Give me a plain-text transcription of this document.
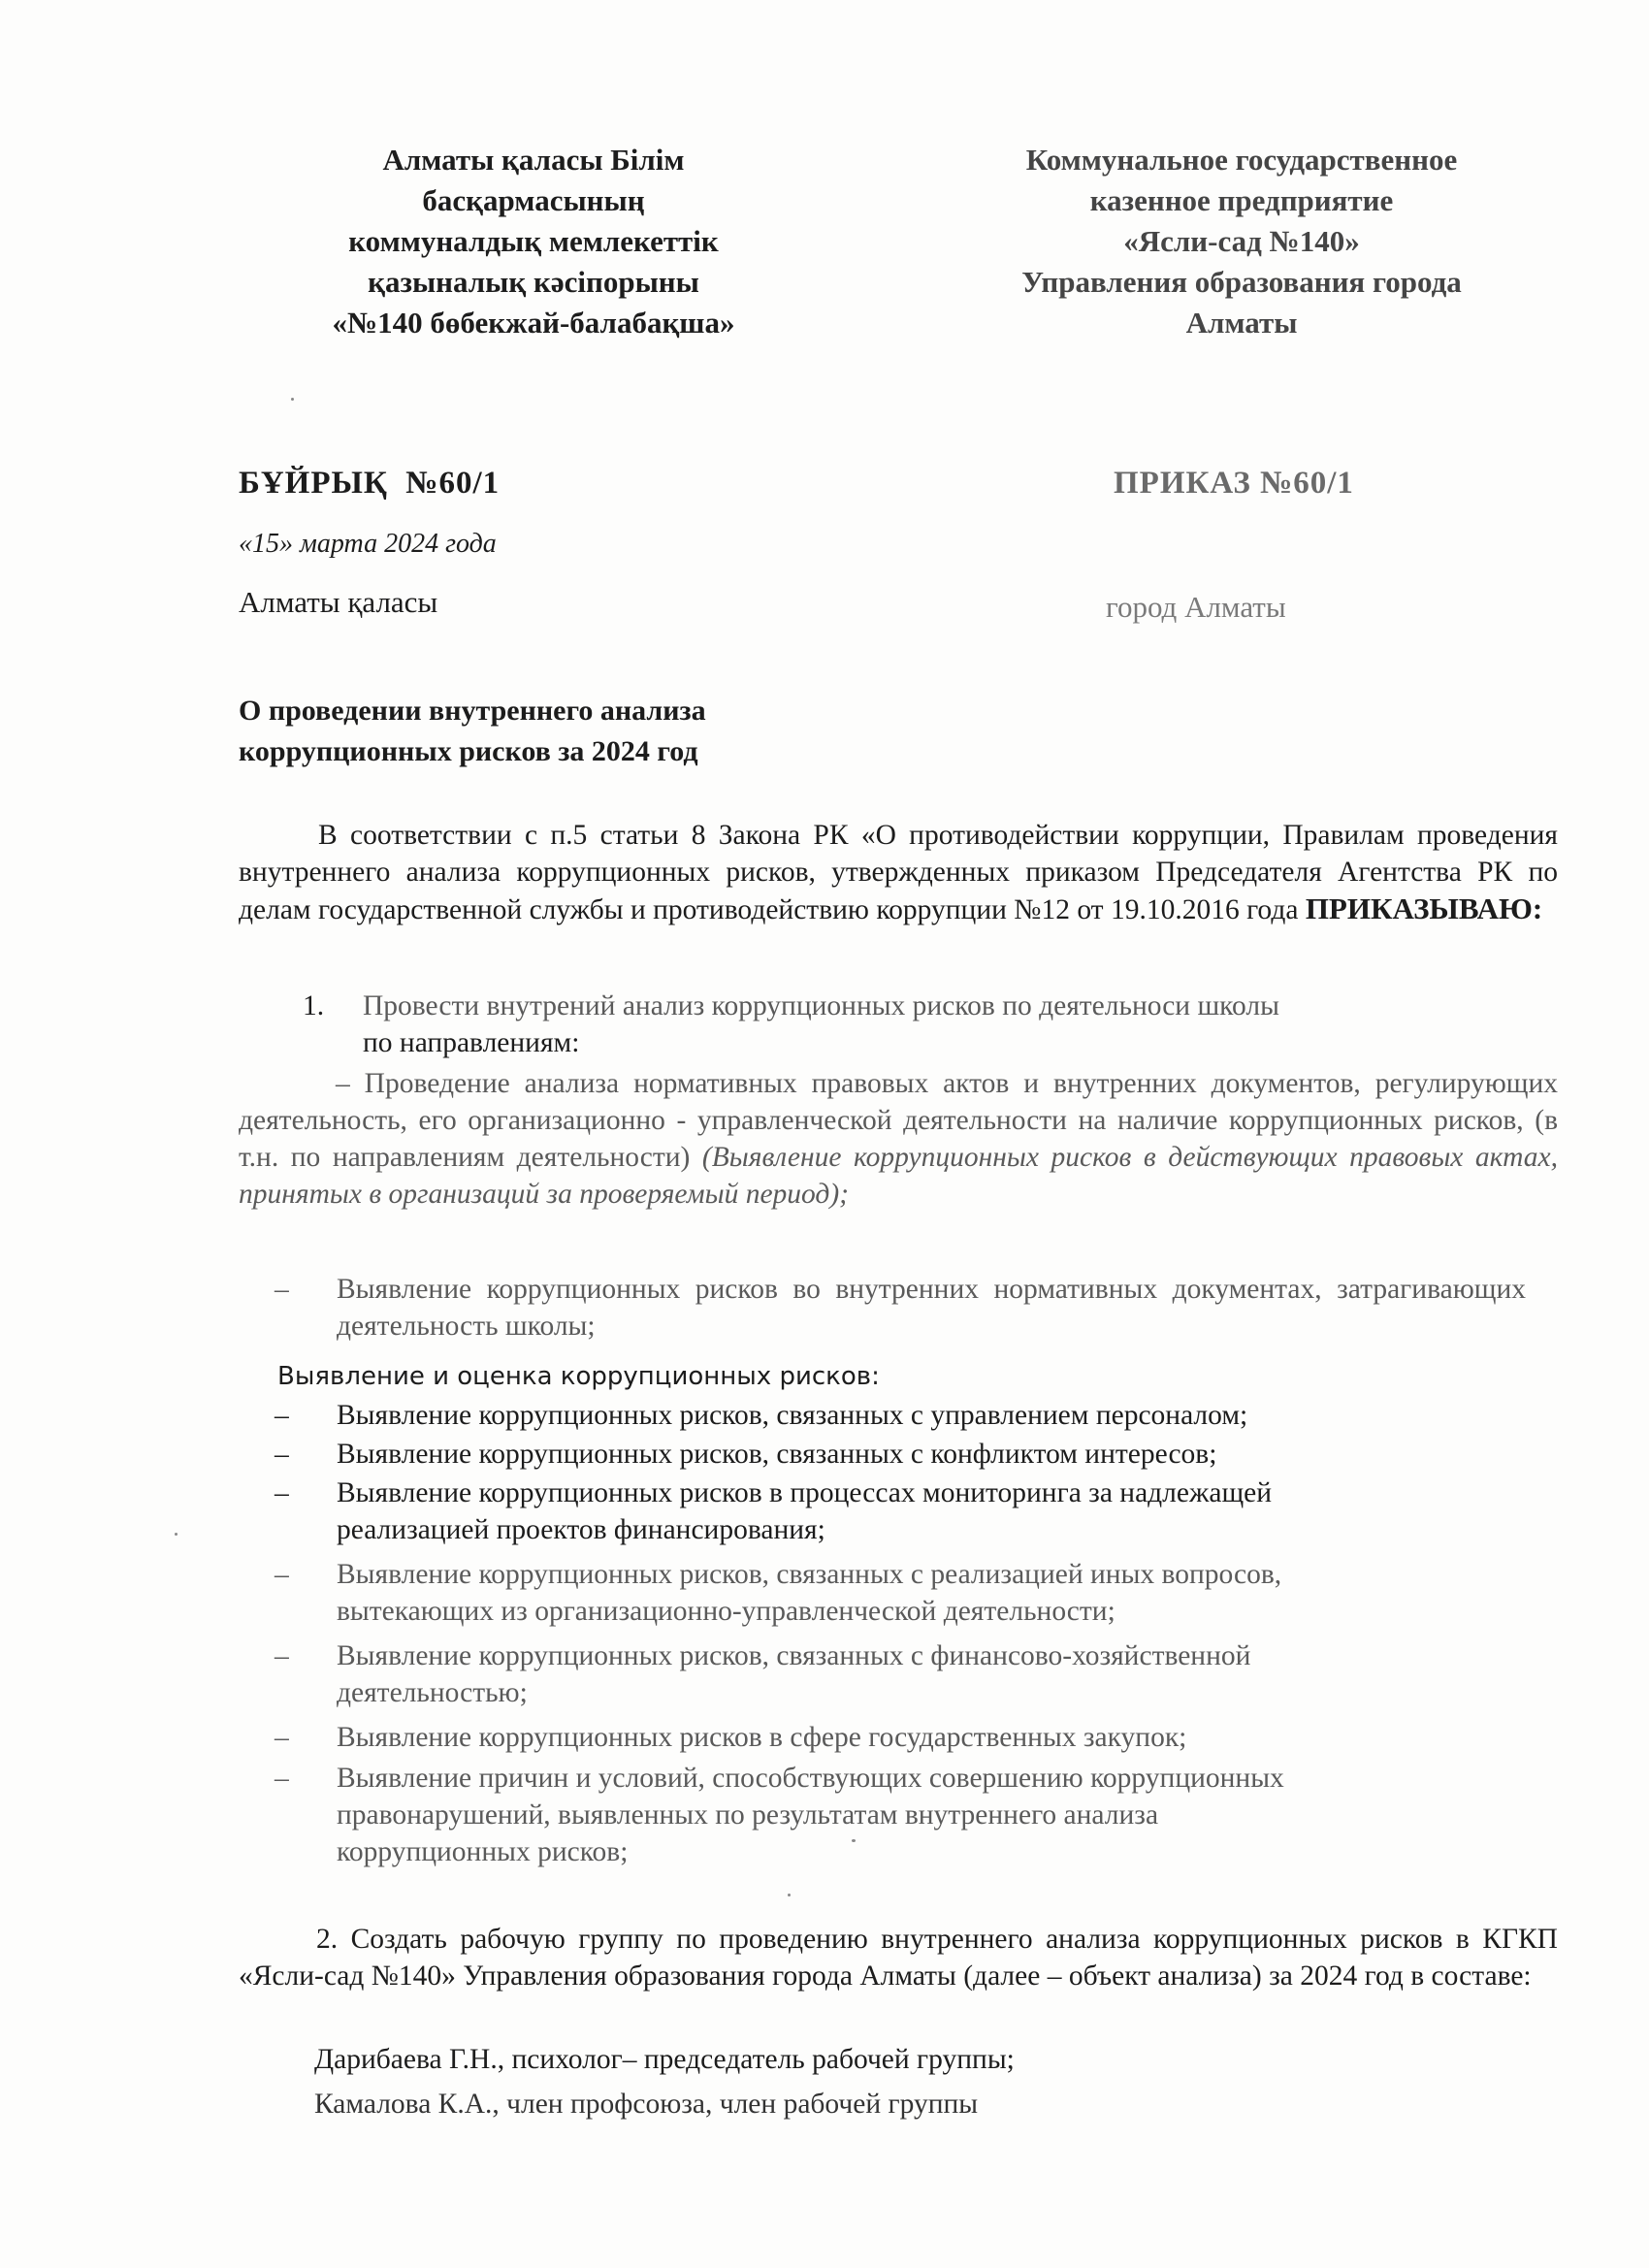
Алматы қаласы Білім
басқармасының
коммуналдық мемлекеттік
қазыналық кәсіпорыны
«№140 бөбекжай-балабақша»
Коммунальное государственное
казенное предприятие
«Ясли-сад №140»
Управления образования города
Алматы
БҰЙРЫҚ  №60/1	ПРИКАЗ №60/1
«15» марта 2024 года
Алматы қаласы	город Алматы
О проведении внутреннего анализа
коррупционных рисков за 2024 год
В соответствии с п.5 статьи 8 Закона РК «О противодействии коррупции, Правилам проведения внутреннего анализа коррупционных рисков, утвержденных приказом Председателя Агентства РК по делам государственной службы и противодействию коррупции №12 от 19.10.2016 года ПРИКАЗЫВАЮ:
1.	Провести внутрений анализ коррупционных рисков по деятельноси школы
по направлениям:
– Проведение анализа нормативных правовых актов и внутренних документов, регулирующих деятельность, его организационно - управленческой деятельности на наличие коррупционных рисков, (в т.н. по направлениям деятельности) (Выявление коррупционных рисков в действующих правовых актах, принятых в организаций за проверяемый период);
– Выявление коррупционных рисков во внутренних нормативных документах, затрагивающих деятельность школы;
Выявление и оценка коррупционных рисков:
– Выявление коррупционных рисков, связанных с управлением персоналом;
– Выявление коррупционных рисков, связанных с конфликтом интересов;
– Выявление коррупционных рисков в процессах мониторинга за надлежащей реализацией проектов финансирования;
– Выявление коррупционных рисков, связанных с реализацией иных вопросов, вытекающих из организационно-управленческой деятельности;
– Выявление коррупционных рисков, связанных с финансово-хозяйственной деятельностью;
– Выявление коррупционных рисков в сфере государственных закупок;
– Выявление причин и условий, способствующих совершению коррупционных правонарушений, выявленных по результатам внутреннего анализа коррупционных рисков;
2. Создать рабочую группу по проведению внутреннего анализа коррупционных рисков в КГКП «Ясли-сад №140» Управления образования города Алматы (далее – объект анализа) за 2024 год в составе:
Дарибаева Г.Н., психолог– председатель рабочей группы;
Камалова К.А., член профсоюза, член рабочей группы
